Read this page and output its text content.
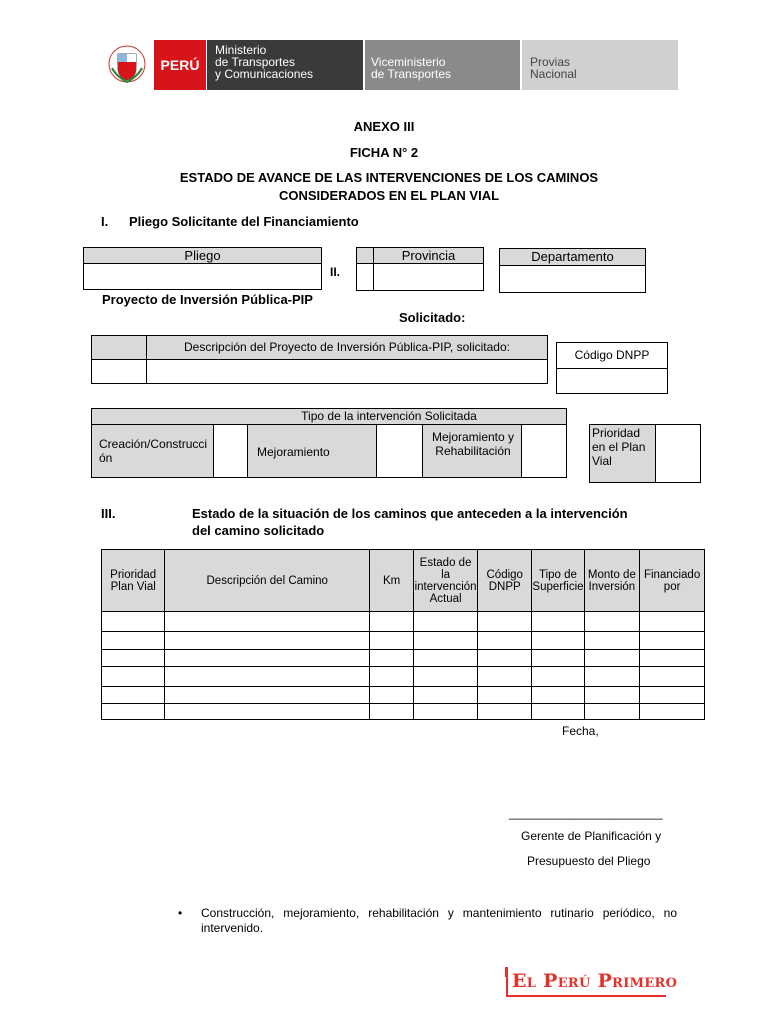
PERÚ
Ministerio
de Transportes
y Comunicaciones
Viceministerio
de Transportes
Provias
Nacional
ANEXO III
FICHA N° 2
ESTADO DE AVANCE DE LAS INTERVENCIONES DE LOS CAMINOS
CONSIDERADOS EN EL PLAN VIAL
I. Pliego Solicitante del Financiamiento
Pliego
II.
Provincia	Departamento
Proyecto de Inversión Pública-PIP
Solicitado:
Descripción del Proyecto de Inversión Pública-PIP, solicitado:
Código DNPP
Tipo de la intervención Solicitada
Creación/Construcción	Mejoramiento
Mejoramiento y Rehabilitación
Prioridad en el Plan Vial
III.	Estado de la situación de los caminos que anteceden a la intervención
del camino solicitado
Prioridad Plan Vial	Descripción del Camino	Km	Estado de la intervención Actual	Código DNPP	Tipo de Superficie	Monto de Inversión	Financiado por

Fecha,
_______________________
Gerente de Planificación y
Presupuesto del Pliego
• Construcción, mejoramiento, rehabilitación y mantenimiento rutinario periódico, no
intervenido.
El Perú Primero
